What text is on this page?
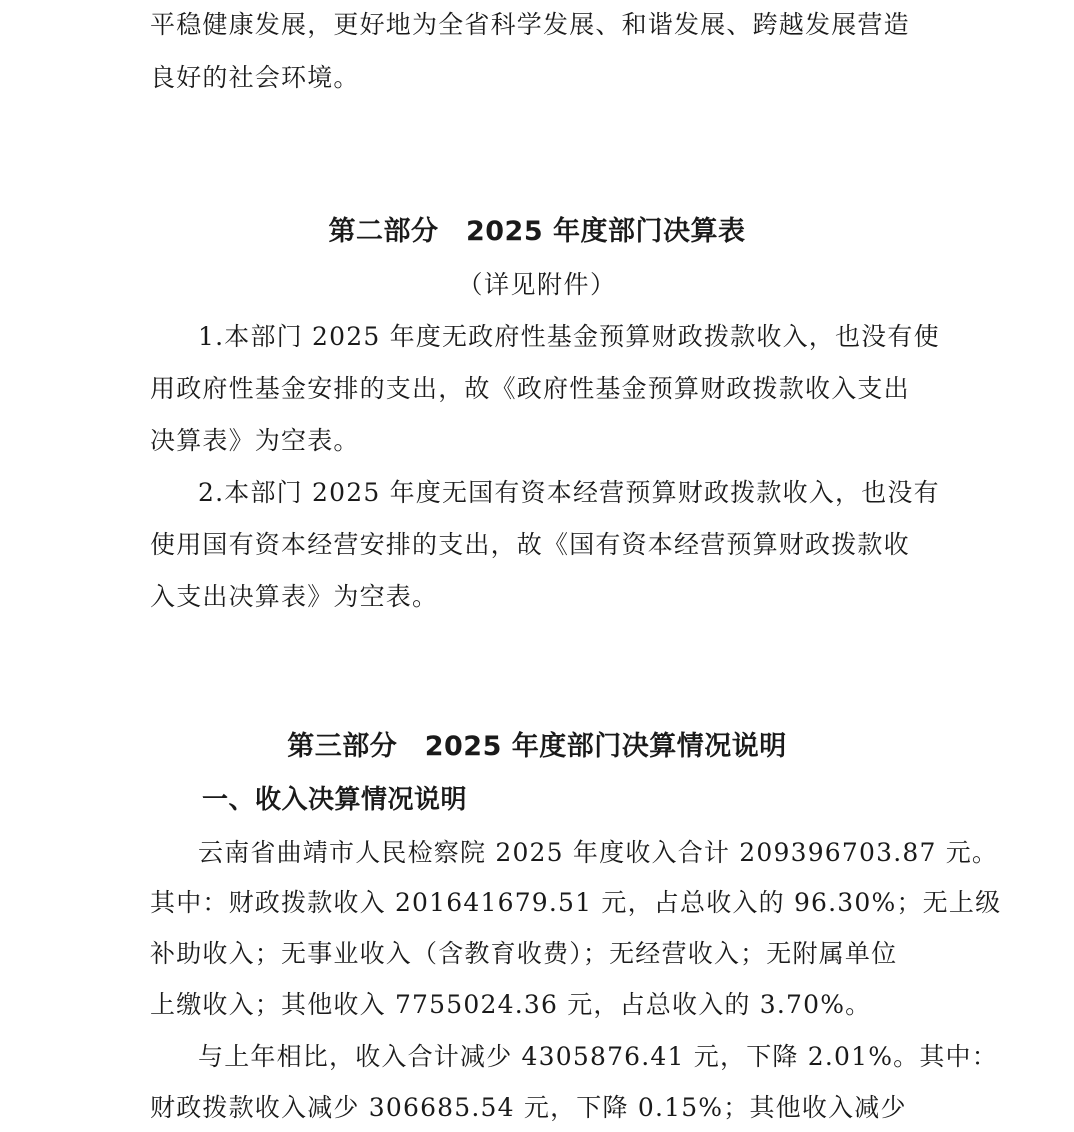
平稳健康发展，更好地为全省科学发展、和谐发展、跨越发展营造
良好的社会环境。
第二部分　2025 年度部门决算表
（详见附件）
1.本部门 2025 年度无政府性基金预算财政拨款收入，也没有使
用政府性基金安排的支出，故《政府性基金预算财政拨款收入支出
决算表》为空表。
2.本部门 2025 年度无国有资本经营预算财政拨款收入，也没有
使用国有资本经营安排的支出，故《国有资本经营预算财政拨款收
入支出决算表》为空表。
第三部分　2025 年度部门决算情况说明
一、收入决算情况说明
云南省曲靖市人民检察院 2025 年度收入合计 209396703.87 元。
其中：财政拨款收入 201641679.51 元，占总收入的 96.30%；无上级
补助收入；无事业收入（含教育收费）；无经营收入；无附属单位
上缴收入；其他收入 7755024.36 元，占总收入的 3.70%。
与上年相比，收入合计减少 4305876.41 元，下降 2.01%。其中：
财政拨款收入减少 306685.54 元，下降 0.15%；其他收入减少
